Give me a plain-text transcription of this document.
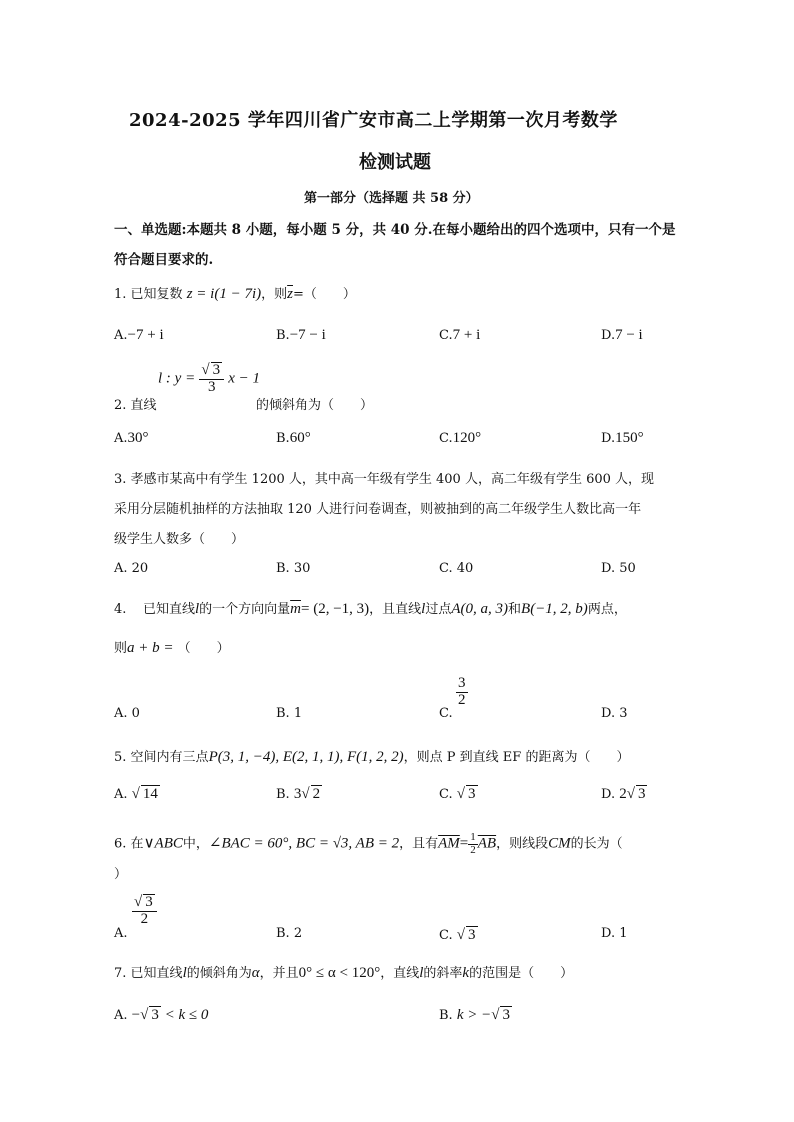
2024-2025 学年四川省广安市高二上学期第一次月考数学
检测试题
第一部分（选择题 共 58 分）
一、单选题:本题共 8 小题，每小题 5 分，共 40 分.在每小题给出的四个选项中，只有一个是
符合题目要求的.
1. 已知复数 z = i(1 − 7i)，则$\overline{z}=$（　　）
A.−7 + i	B.−7 − i	C.7 + i	D.7 − i
2. 直线
l : $y = \frac{√ 3}{3}$ x − 1
的倾斜角为（　　）
A.30°	B.60°	C.120°	D.150°
3. 孝感市某高中有学生 1200 人，其中高一年级有学生 400 人，高二年级有学生 600 人，现
采用分层随机抽样的方法抽取 120 人进行问卷调查，则被抽到的高二年级学生人数比高一年
级学生人数多（　　）
A. 20	B. 30	C. 40	D. 50
4. 已知直线l的一个方向向量$\overline{m}= (2$, −1, 3)，且直线l过点A(0, a, 3)和B(−1, 2, b)两点，
则a + b = （　　）
A. 0	B. 1	C.
$\frac{3}{2}$
D. 3
5. 空间内有三点P(3, 1, −4), E(2, 1, 1), F(1, 2, 2)，则点 P 到直线 EF 的距离为（　　）
A. √ 14	B. 3√ 2	C. √ 3	D. 2√ 3
6. 在∨ABC中，∠BAC = 60°, BC = √3, AB = 2，且有$\overline{AM}= \frac{1}{2} \overline{AB}$，则线段CM的长为（
）
A.
$\frac{√ 3}{2}$
B. 2	C. √ 3	D. 1
7. 已知直线l的倾斜角为α，并且0° ≤ α < 120°，直线l的斜率k的范围是（　　）
A. −√ 3 < k ≤ 0	B. k > −√ 3
